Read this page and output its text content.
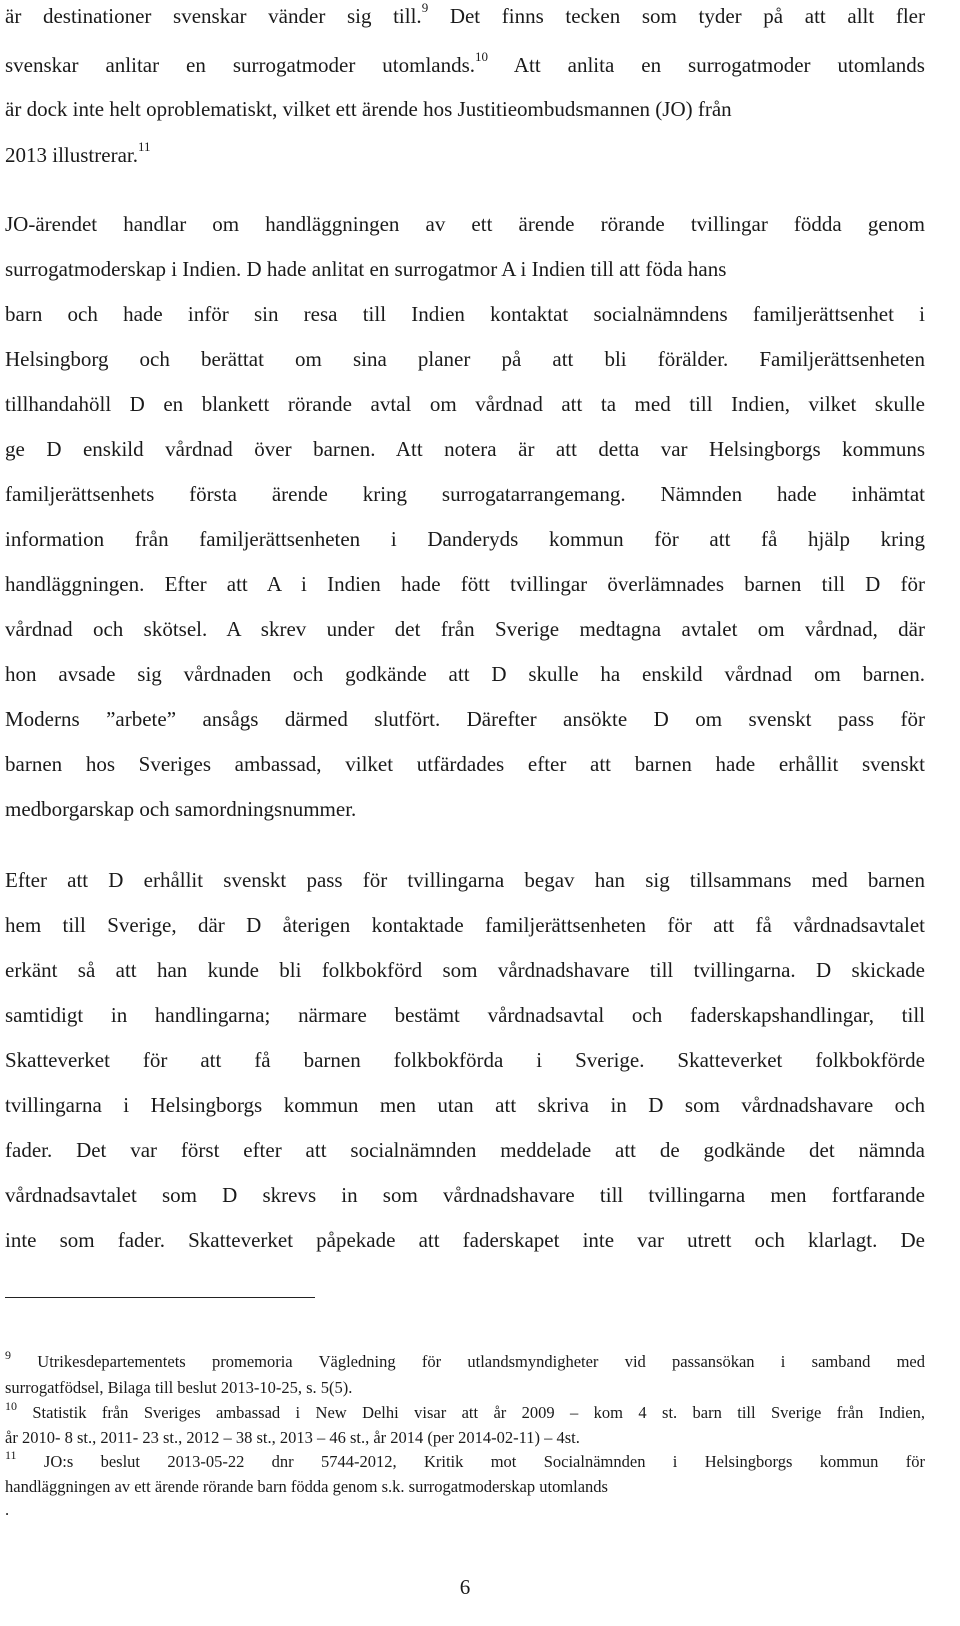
är destinationer svenskar vänder sig till.$^9$ Det finns tecken som tyder på att allt fler
svenskar anlitar en surrogatmoder utomlands.$^{10}$ Att anlita en surrogatmoder utomlands
är dock inte helt oproblematiskt, vilket ett ärende hos Justitieombudsmannen (JO) från
2013 illustrerar.$^{11}$
JO-ärendet handlar om handläggningen av ett ärende rörande tvillingar födda genom
surrogatmoderskap i Indien. D hade anlitat en surrogatmor A i Indien till att föda hans
barn och hade inför sin resa till Indien kontaktat socialnämndens familjerättsenhet i
Helsingborg och berättat om sina planer på att bli förälder. Familjerättsenheten
tillhandahöll D en blankett rörande avtal om vårdnad att ta med till Indien, vilket skulle
ge D enskild vårdnad över barnen. Att notera är att detta var Helsingborgs kommuns
familjerättsenhets första ärende kring surrogatarrangemang. Nämnden hade inhämtat
information från familjerättsenheten i Danderyds kommun för att få hjälp kring
handläggningen. Efter att A i Indien hade fött tvillingar överlämnades barnen till D för
vårdnad och skötsel. A skrev under det från Sverige medtagna avtalet om vårdnad, där
hon avsade sig vårdnaden och godkände att D skulle ha enskild vårdnad om barnen.
Moderns ”arbete” ansågs därmed slutfört. Därefter ansökte D om svenskt pass för
barnen hos Sveriges ambassad, vilket utfärdades efter att barnen hade erhållit svenskt
medborgarskap och samordningsnummer.
Efter att D erhållit svenskt pass för tvillingarna begav han sig tillsammans med barnen
hem till Sverige, där D återigen kontaktade familjerättsenheten för att få vårdnadsavtalet
erkänt så att han kunde bli folkbokförd som vårdnadshavare till tvillingarna. D skickade
samtidigt in handlingarna; närmare bestämt vårdnadsavtal och faderskapshandlingar, till
Skatteverket för att få barnen folkbokförda i Sverige. Skatteverket folkbokförde
tvillingarna i Helsingborgs kommun men utan att skriva in D som vårdnadshavare och
fader. Det var först efter att socialnämnden meddelade att de godkände det nämnda
vårdnadsavtalet som D skrevs in som vårdnadshavare till tvillingarna men fortfarande
inte som fader. Skatteverket påpekade att faderskapet inte var utrett och klarlagt. De
$^9$ Utrikesdepartementets promemoria Vägledning för utlandsmyndigheter vid passansökan i samband med
surrogatfödsel, Bilaga till beslut 2013-10-25, s. 5(5).
$^{10}$ Statistik från Sveriges ambassad i New Delhi visar att år 2009 – kom 4 st. barn till Sverige från Indien,
år 2010- 8 st., 2011- 23 st., 2012 – 38 st., 2013 – 46 st., år 2014 (per 2014-02-11) – 4st.
$^{11}$ JO:s beslut 2013-05-22 dnr 5744-2012, Kritik mot Socialnämnden i Helsingborgs kommun för
handläggningen av ett ärende rörande barn födda genom s.k. surrogatmoderskap utomlands
.
6
